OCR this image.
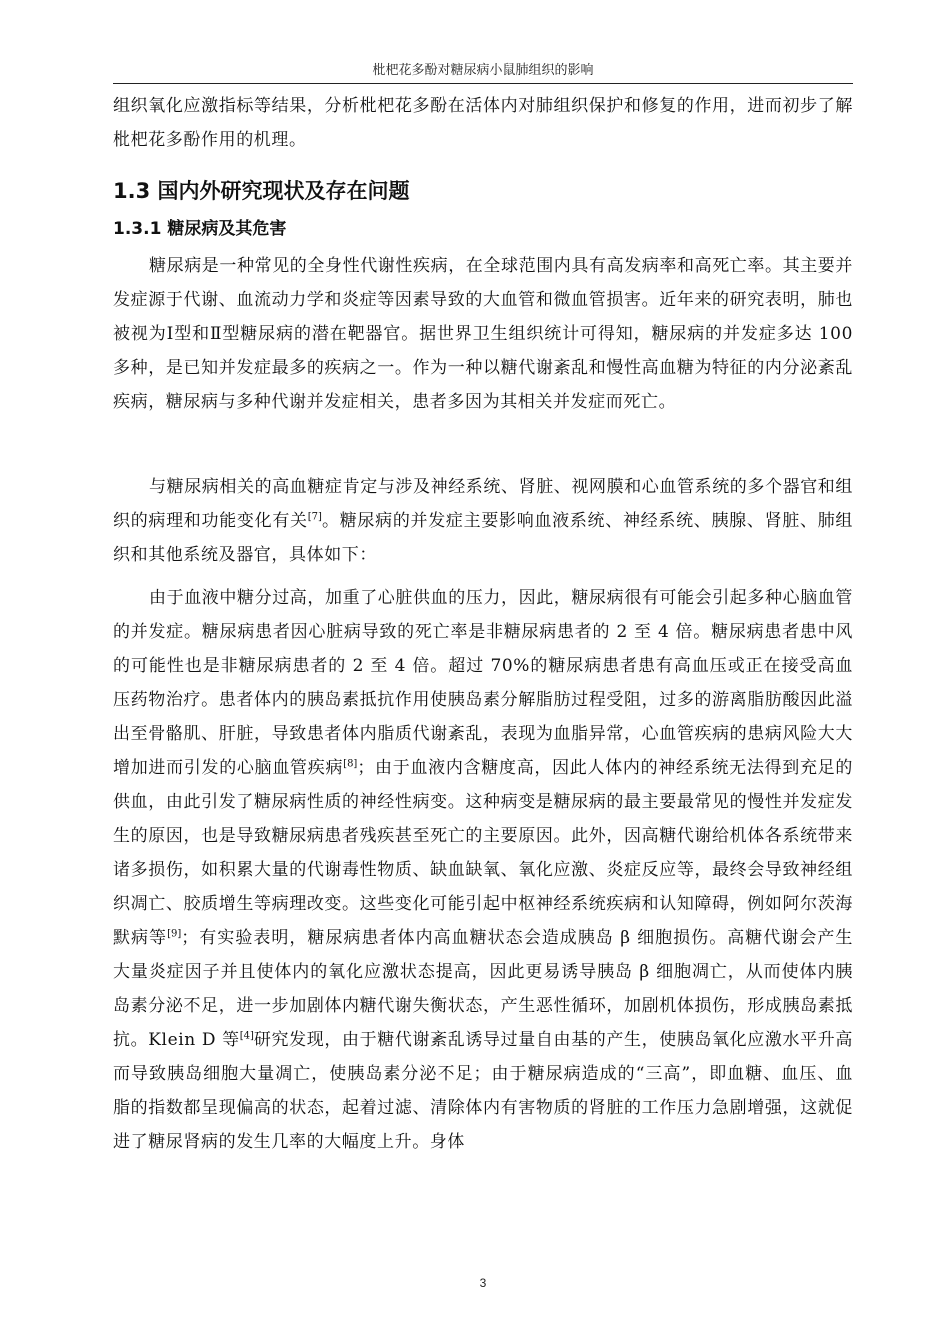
枇杷花多酚对糖尿病小鼠肺组织的影响

组织氧化应激指标等结果，分析枇杷花多酚在活体内对肺组织保护和修复的作用，进而初步了解枇杷花多酚作用的机理。

1.3 国内外研究现状及存在问题
1.3.1 糖尿病及其危害

糖尿病是一种常见的全身性代谢性疾病，在全球范围内具有高发病率和高死亡率。其主要并发症源于代谢、血流动力学和炎症等因素导致的大血管和微血管损害。近年来的研究表明，肺也被视为Ⅰ型和Ⅱ型糖尿病的潜在靶器官。据世界卫生组织统计可得知，糖尿病的并发症多达 100 多种，是已知并发症最多的疾病之一。作为一种以糖代谢紊乱和慢性高血糖为特征的内分泌紊乱疾病，糖尿病与多种代谢并发症相关，患者多因为其相关并发症而死亡。

与糖尿病相关的高血糖症肯定与涉及神经系统、肾脏、视网膜和心血管系统的多个器官和组织的病理和功能变化有关[7]。糖尿病的并发症主要影响血液系统、神经系统、胰腺、肾脏、肺组织和其他系统及器官，具体如下：

由于血液中糖分过高，加重了心脏供血的压力，因此，糖尿病很有可能会引起多种心脑血管的并发症。糖尿病患者因心脏病导致的死亡率是非糖尿病患者的 2 至 4 倍。糖尿病患者患中风的可能性也是非糖尿病患者的 2 至 4 倍。超过 70%的糖尿病患者患有高血压或正在接受高血压药物治疗。患者体内的胰岛素抵抗作用使胰岛素分解脂肪过程受阻，过多的游离脂肪酸因此溢出至骨骼肌、肝脏，导致患者体内脂质代谢紊乱，表现为血脂异常，心血管疾病的患病风险大大增加进而引发的心脑血管疾病[8]；由于血液内含糖度高，因此人体内的神经系统无法得到充足的供血，由此引发了糖尿病性质的神经性病变。这种病变是糖尿病的最主要最常见的慢性并发症发生的原因，也是导致糖尿病患者残疾甚至死亡的主要原因。此外，因高糖代谢给机体各系统带来诸多损伤，如积累大量的代谢毒性物质、缺血缺氧、氧化应激、炎症反应等，最终会导致神经组织凋亡、胶质增生等病理改变。这些变化可能引起中枢神经系统疾病和认知障碍，例如阿尔茨海默病等[9]；有实验表明，糖尿病患者体内高血糖状态会造成胰岛 β 细胞损伤。高糖代谢会产生大量炎症因子并且使体内的氧化应激状态提高，因此更易诱导胰岛 β 细胞凋亡，从而使体内胰岛素分泌不足，进一步加剧体内糖代谢失衡状态，产生恶性循环，加剧机体损伤，形成胰岛素抵抗。Klein D 等[4]研究发现，由于糖代谢紊乱诱导过量自由基的产生，使胰岛氧化应激水平升高而导致胰岛细胞大量凋亡，使胰岛素分泌不足；由于糖尿病造成的“三高”，即血糖、血压、血脂的指数都呈现偏高的状态，起着过滤、清除体内有害物质的肾脏的工作压力急剧增强，这就促进了糖尿肾病的发生几率的大幅度上升。身体

3
